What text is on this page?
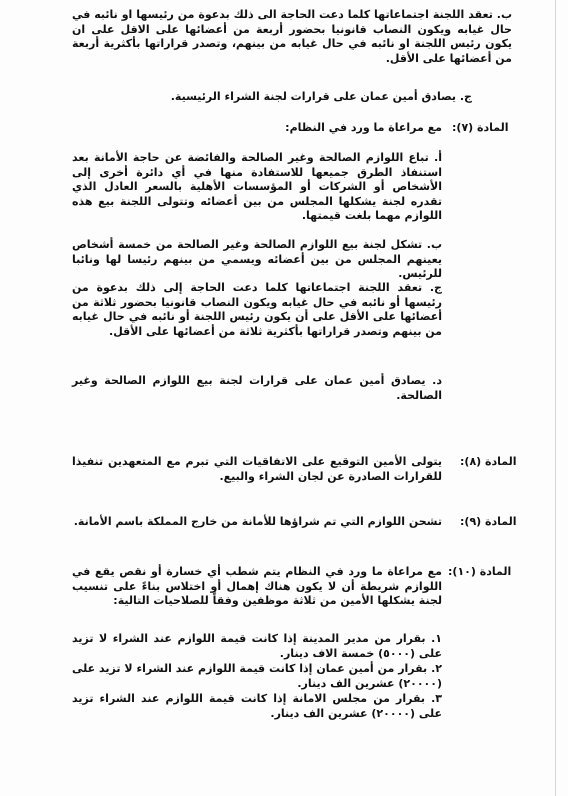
ب. تعقد اللجنة اجتماعاتها كلما دعت الحاجة الى ذلك بدعوة من رئيسها او نائبه في حال غيابه ويكون النصاب قانونيا بحضور أربعة من أعضائها على الاقل على ان يكون رئيس اللجنة او نائبه في حال غيابه من بينهم، وتصدر قراراتها بأكثرية أربعة من أعضائها على الأقل.
ج. يصادق أمين عمان على قرارات لجنة الشراء الرئيسية.
المادة (٧):
مع مراعاة ما ورد في النظام:
أ. تباع اللوازم الصالحة وغير الصالحة والفائضة عن حاجة الأمانة بعد استنفاذ الطرق جميعها للاستفادة منها في أي دائرة أخرى إلى الأشخاص أو الشركات أو المؤسسات الأهلية بالسعر العادل الذي تقدره لجنة يشكلها المجلس من بين أعضائه وتتولى اللجنة بيع هذه اللوازم مهما بلغت قيمتها.
ب. تشكل لجنة بيع اللوازم الصالحة وغير الصالحة من خمسة أشخاص يعينهم المجلس من بين أعضائه ويسمي من بينهم رئيسا لها ونائبا للرئيس.
ج. تعقد اللجنة اجتماعاتها كلما دعت الحاجة إلى ذلك بدعوة من رئيسها أو نائبه في حال غيابه ويكون النصاب قانونيا بحضور ثلاثة من أعضائها على الأقل على أن يكون رئيس اللجنة أو نائبه في حال غيابه من بينهم وتصدر قراراتها بأكثرية ثلاثة من أعضائها على الأقل.
د. يصادق أمين عمان على قرارات لجنة بيع اللوازم الصالحة وغير الصالحة.
المادة (٨):
يتولى الأمين التوقيع على الاتفاقيات التي تبرم مع المتعهدين تنفيذا للقرارات الصادرة عن لجان الشراء والبيع.
المادة (٩):
تشحن اللوازم التي تم شراؤها للأمانة من خارج المملكة باسم الأمانة.
المادة (١٠):
مع مراعاة ما ورد في النظام يتم شطب أي خسارة أو نقص يقع في اللوازم شريطة أن لا يكون هناك إهمال أو اختلاس بناءً على تنسيب لجنة يشكلها الأمين من ثلاثة موظفين وفقاً للصلاحيات التالية:
١. بقرار من مدير المدينة إذا كانت قيمة اللوازم عند الشراء لا تزيد على (٥٠٠٠) خمسة الاف دينار.
٢. بقرار من أمين عمان إذا كانت قيمة اللوازم عند الشراء لا تزيد على (٢٠٠٠٠) عشرين الف دينار.
٣. بقرار من مجلس الامانة إذا كانت قيمة اللوازم عند الشراء تزيد على (٢٠٠٠٠) عشرين الف دينار.
